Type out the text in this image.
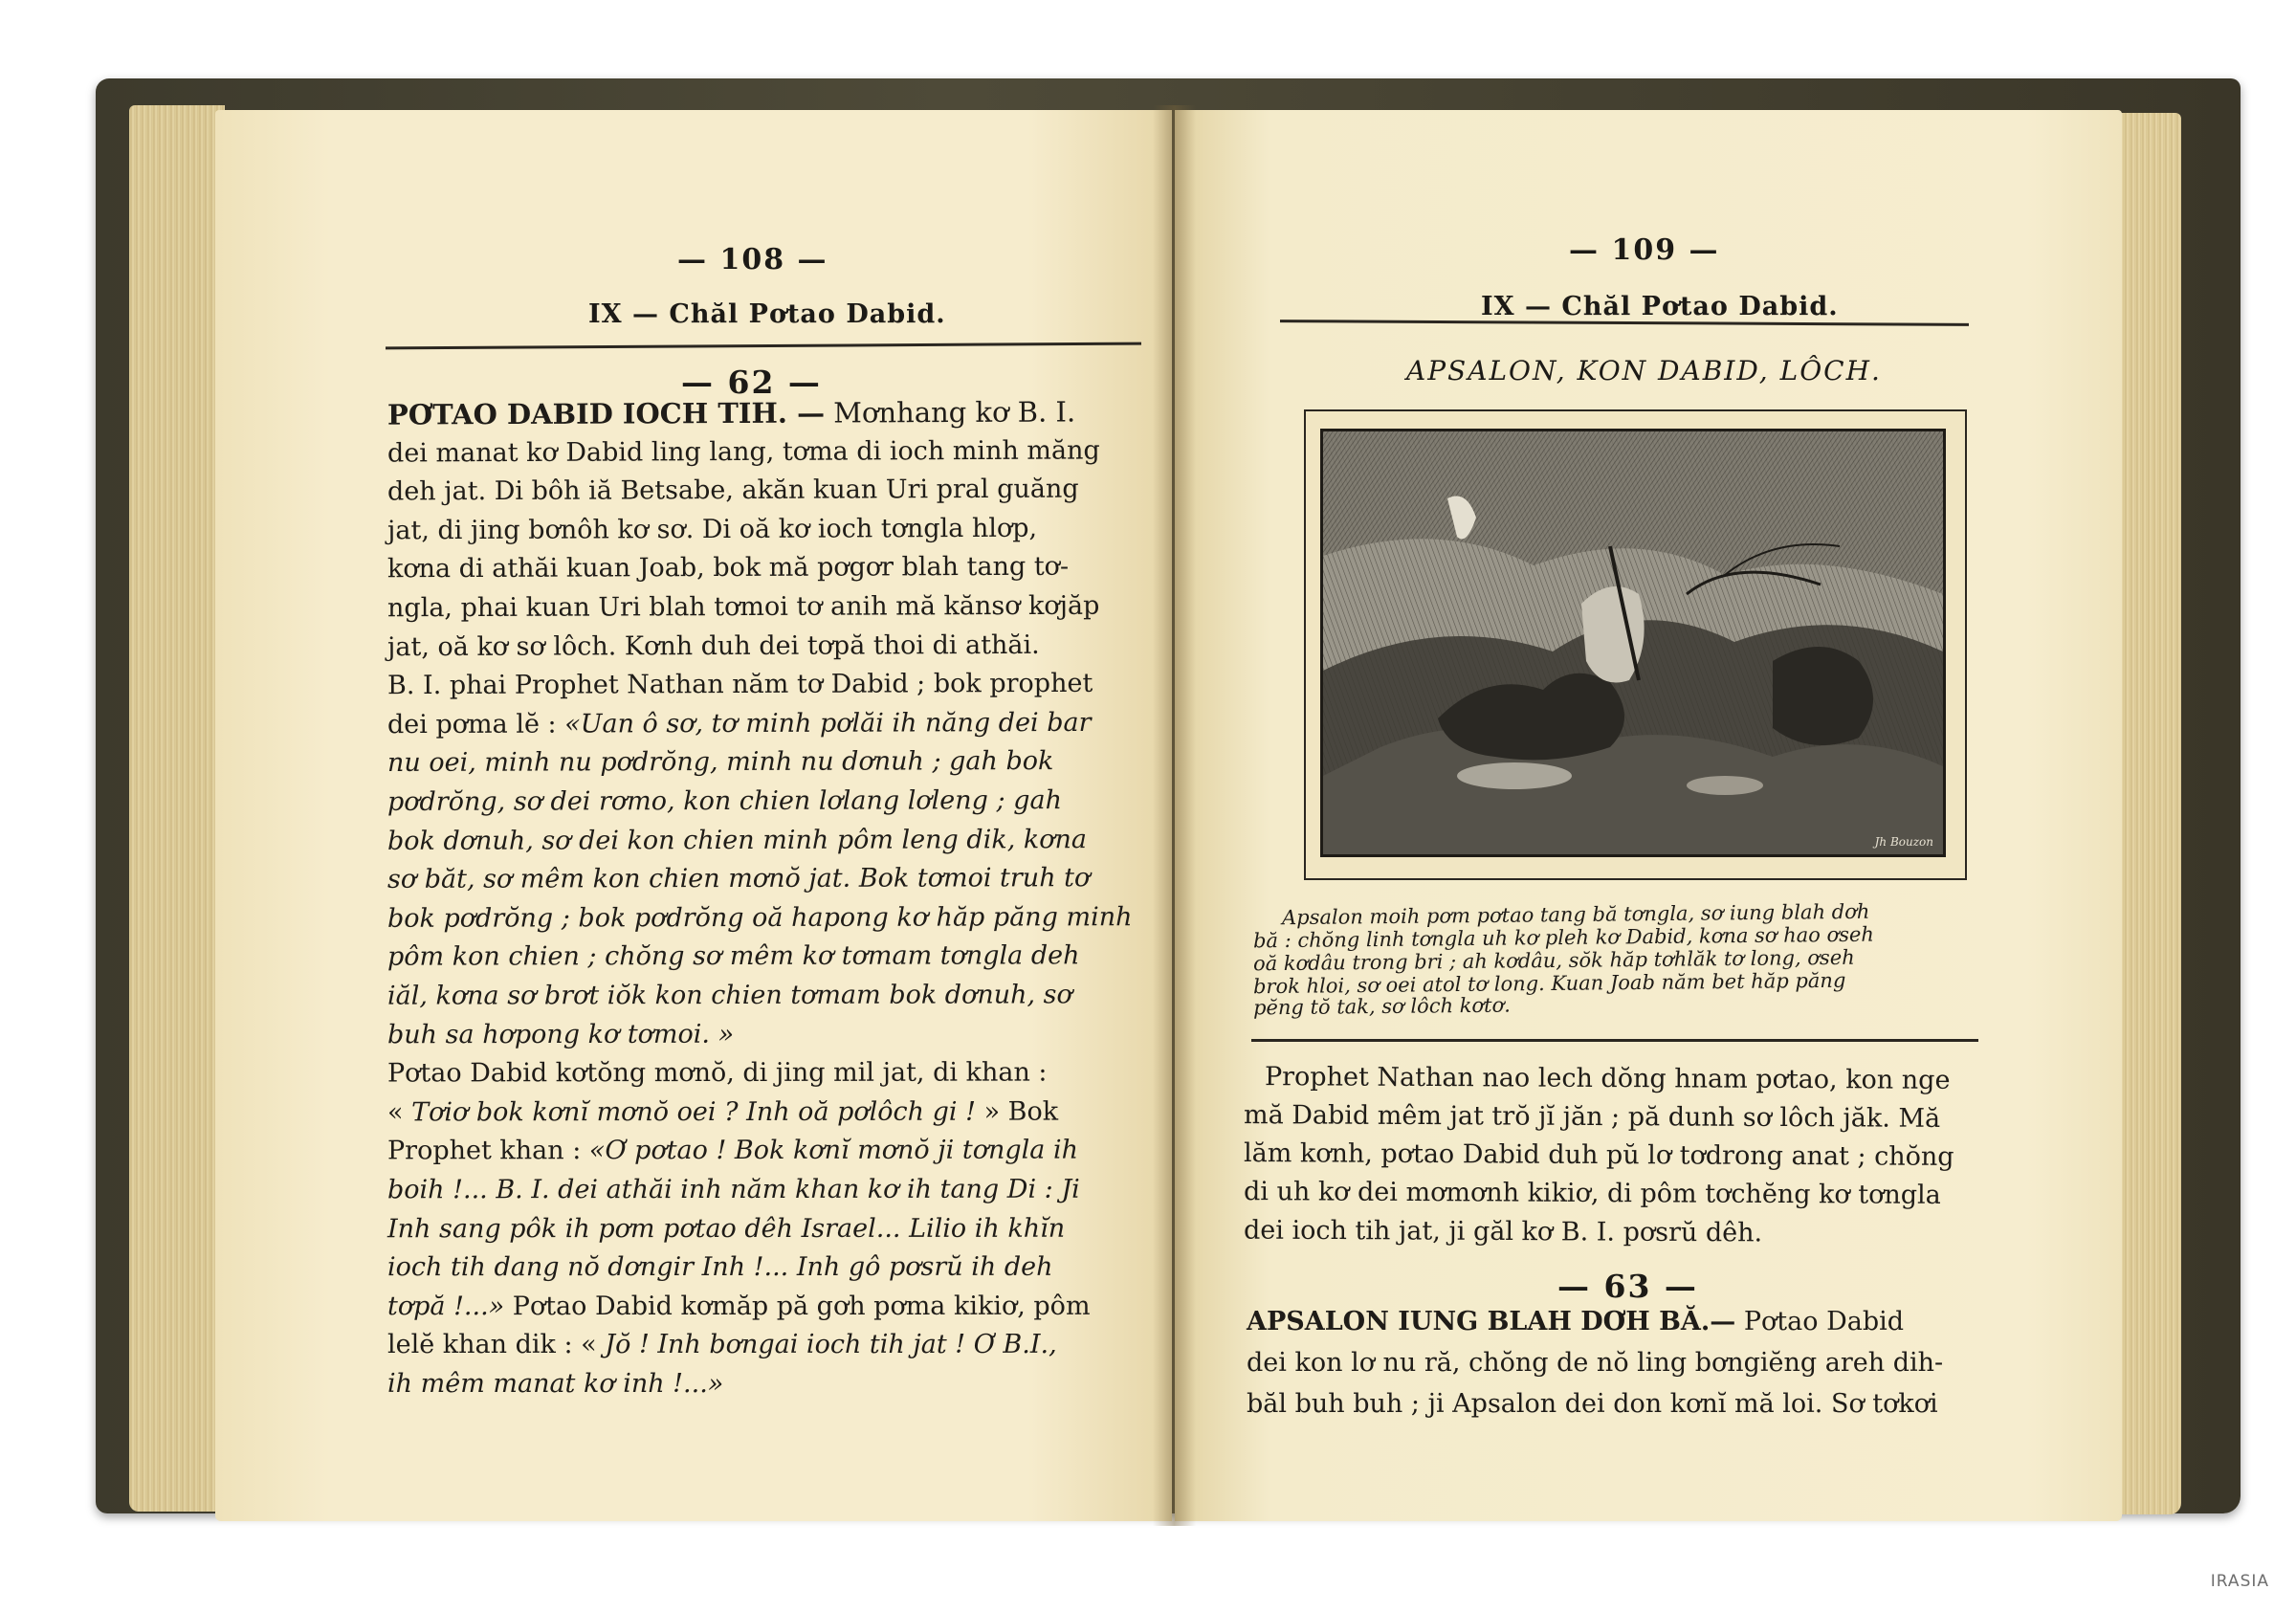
— 108 —
IX — Chăl Pơtao Dabid.
— 62 —
PƠTAO DABID IOCH TIH. — Mơnhang kơ B. I.
dei manat kơ Dabid ling lang, tơma di ioch minh măng
deh jat. Di bôh iă Betsabe, akăn kuan Uri pral guăng
jat, di jing bơnôh kơ sơ. Di oă kơ ioch tơngla hlơp,
kơna di athăi kuan Joab, bok mă pơgơr blah tang tơ-
ngla, phai kuan Uri blah tơmoi tơ anih mă kănsơ kơjăp
jat, oă kơ sơ lôch. Kơnh duh dei tơpă thoi di athăi.
B. I. phai Prophet Nathan năm tơ Dabid ; bok prophet
dei pơma lĕ : «Uan ô sơ, tơ minh pơlăi ih năng dei bar
nu oei, minh nu pơdrŏng, minh nu dơnuh ; gah bok
pơdrŏng, sơ dei rơmo, kon chien lơlang lơleng ; gah
bok dơnuh, sơ dei kon chien minh pôm leng dik, kơna
sơ băt, sơ mêm kon chien mơnŏ jat. Bok tơmoi truh tơ
bok pơdrŏng ; bok pơdrŏng oă hapong kơ hăp păng minh
pôm kon chien ; chŏng sơ mêm kơ tơmam tơngla deh
iăl, kơna sơ brơt iŏk kon chien tơmam bok dơnuh, sơ
buh sa hơpong kơ tơmoi. »
Pơtao Dabid kơtŏng mơnŏ, di jing mil jat, di khan :
« Tơiơ bok kơnĭ mơnŏ oei ? Inh oă pơlôch gi ! » Bok
Prophet khan : «Ơ pơtao ! Bok kơnĭ mơnŏ ji tơngla ih
boih !... B. I. dei athăi inh năm khan kơ ih tang Di : Ji
Inh sang pôk ih pơm pơtao dêh Israel... Lilio ih khĭn
ioch tih dang nŏ dơngir Inh !... Inh gô pơsrŭ ih deh
tơpă !...» Pơtao Dabid kơmăp pă gơh pơma kikiơ, pôm
lelĕ khan dik : « Jŏ ! Inh bơngai ioch tih jat ! Ơ B.I.,
ih mêm manat kơ inh !...»
— 109 —
IX — Chăl Pơtao Dabid.
APSALON, KON DABID, LÔCH.
Jh Bouzon
Apsalon moih pơm pơtao tang bă tơngla, sơ iung blah dơh
bă : chŏng linh tơngla uh kơ pleh kơ Dabid, kơna sơ hao ơseh
oă kơdâu trong bri ; ah kơdâu, sŏk hăp tơhlăk tơ long, ơseh
brok hloi, sơ oei atol tơ long. Kuan Joab năm bet hăp păng
pĕng tŏ tak, sơ lôch kơtơ.
Prophet Nathan nao lech dŏng hnam pơtao, kon nge
mă Dabid mêm jat trŏ jĭ jăn ; pă dunh sơ lôch jăk. Mă
lăm kơnh, pơtao Dabid duh pŭ lơ tơdrong anat ; chŏng
di uh kơ dei mơmơnh kikiơ, di pôm tơchĕng kơ tơngla
dei ioch tih jat, ji găl kơ B. I. pơsrŭ dêh.
— 63 —
APSALON IUNG BLAH DƠH BĂ.— Pơtao Dabid
dei kon lơ nu ră, chŏng de nŏ ling bơngiĕng areh dih-
băl buh buh ; ji Apsalon dei don kơnĭ mă loi. Sơ tơkơi
IRASIA
